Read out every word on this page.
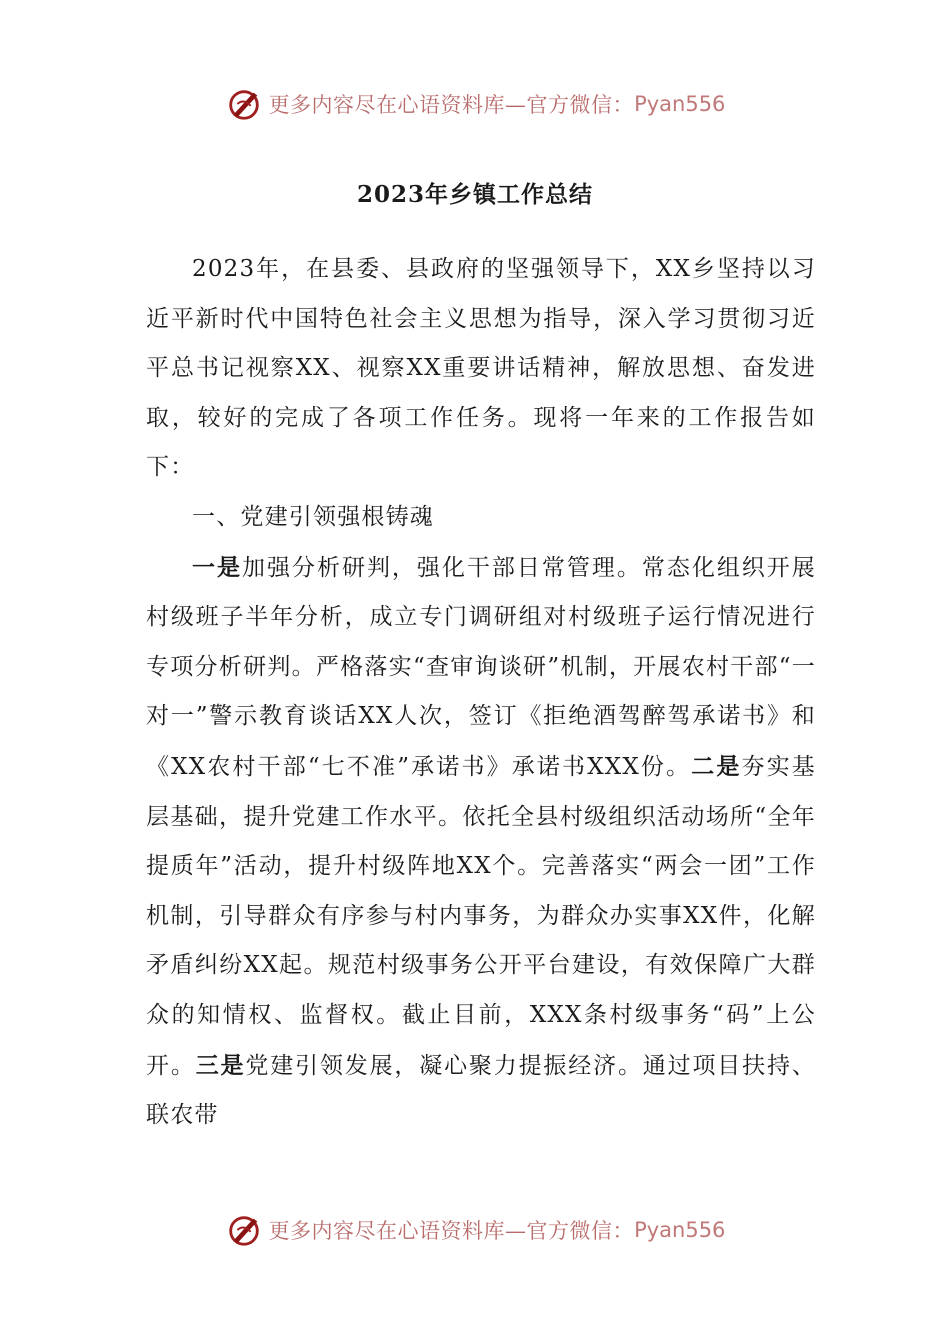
更多内容尽在心语资料库—官方微信： Pyan556
2023年乡镇工作总结

2023年，在县委、县政府的坚强领导下，XX乡坚持以习近平新时代中国特色社会主义思想为指导，深入学习贯彻习近平总书记视察XX、视察XX重要讲话精神，解放思想、奋发进取，较好的完成了各项工作任务。现将一年来的工作报告如下：

一、党建引领强根铸魂

一是加强分析研判，强化干部日常管理。常态化组织开展村级班子半年分析，成立专门调研组对村级班子运行情况进行专项分析研判。严格落实“查审询谈研”机制，开展农村干部“一对一”警示教育谈话XX人次，签订《拒绝酒驾醉驾承诺书》和《XX农村干部“七不准”承诺书》承诺书XXX份。二是夯实基层基础，提升党建工作水平。依托全县村级组织活动场所“全年提质年”活动，提升村级阵地XX个。完善落实“两会一团”工作机制，引导群众有序参与村内事务，为群众办实事XX件，化解矛盾纠纷XX起。规范村级事务公开平台建设，有效保障广大群众的知情权、监督权。截止目前，XXX条村级事务“码”上公开。三是党建引领发展，凝心聚力提振经济。通过项目扶持、联农带

更多内容尽在心语资料库—官方微信： Pyan556
